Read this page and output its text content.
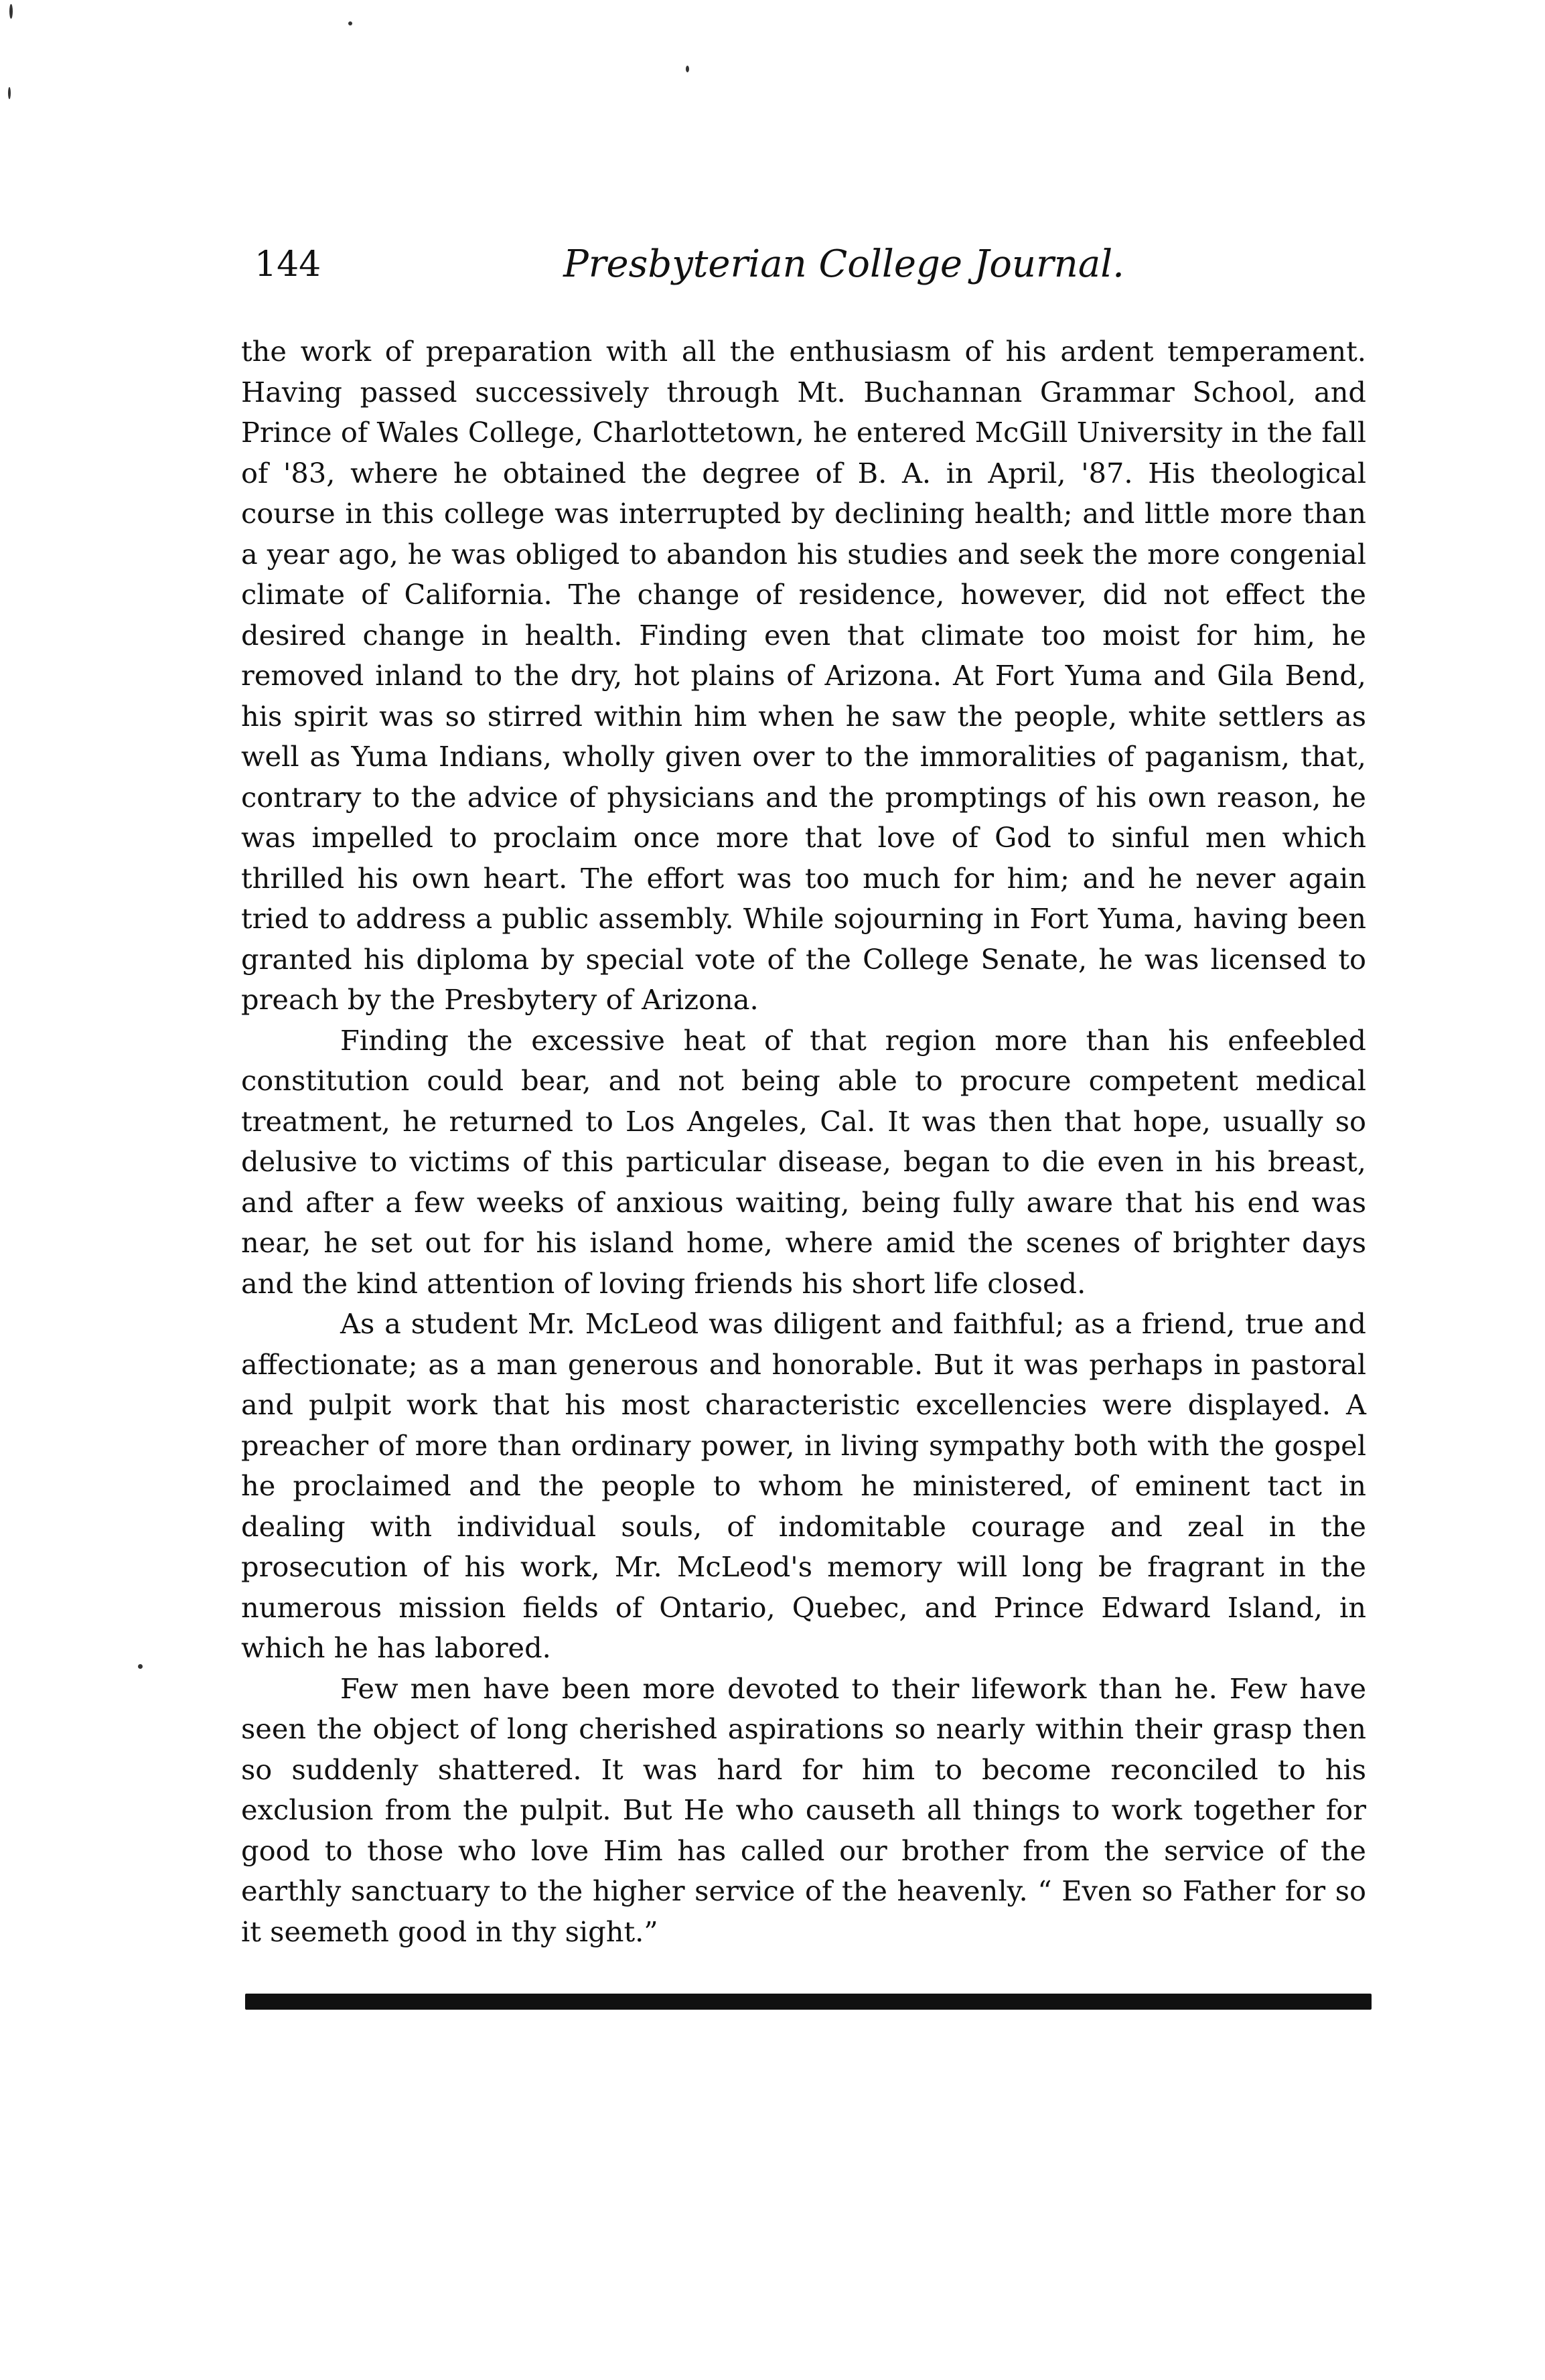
144	Presbyterian College Journal.

the work of preparation with all the enthusiasm of his ardent temperament. Having passed successively through Mt. Buchannan Grammar School, and Prince of Wales College, Charlottetown, he entered McGill University in the fall of '83, where he obtained the degree of B. A. in April, '87. His theological course in this college was interrupted by declining health; and little more than a year ago, he was obliged to abandon his studies and seek the more congenial climate of California. The change of residence, however, did not effect the desired change in health. Finding even that climate too moist for him, he removed inland to the dry, hot plains of Arizona. At Fort Yuma and Gila Bend, his spirit was so stirred within him when he saw the people, white settlers as well as Yuma Indians, wholly given over to the immoralities of paganism, that, contrary to the advice of physicians and the promptings of his own reason, he was impelled to proclaim once more that love of God to sinful men which thrilled his own heart. The effort was too much for him; and he never again tried to address a public assembly. While sojourning in Fort Yuma, having been granted his diploma by special vote of the College Senate, he was licensed to preach by the Presbytery of Arizona.

Finding the excessive heat of that region more than his enfeebled constitution could bear, and not being able to procure competent medical treatment, he returned to Los Angeles, Cal. It was then that hope, usually so delusive to victims of this particular disease, began to die even in his breast, and after a few weeks of anxious waiting, being fully aware that his end was near, he set out for his island home, where amid the scenes of brighter days and the kind attention of loving friends his short life closed.

As a student Mr. McLeod was diligent and faithful; as a friend, true and affectionate; as a man generous and honorable. But it was perhaps in pastoral and pulpit work that his most characteristic excellencies were displayed. A preacher of more than ordinary power, in living sympathy both with the gospel he proclaimed and the people to whom he ministered, of eminent tact in dealing with individual souls, of indomitable courage and zeal in the prosecution of his work, Mr. McLeod's memory will long be fragrant in the numerous mission fields of Ontario, Quebec, and Prince Edward Island, in which he has labored.

Few men have been more devoted to their lifework than he. Few have seen the object of long cherished aspirations so nearly within their grasp then so suddenly shattered. It was hard for him to become reconciled to his exclusion from the pulpit. But He who causeth all things to work together for good to those who love Him has called our brother from the service of the earthly sanctuary to the higher service of the heavenly. “ Even so Father for so it seemeth good in thy sight.”
